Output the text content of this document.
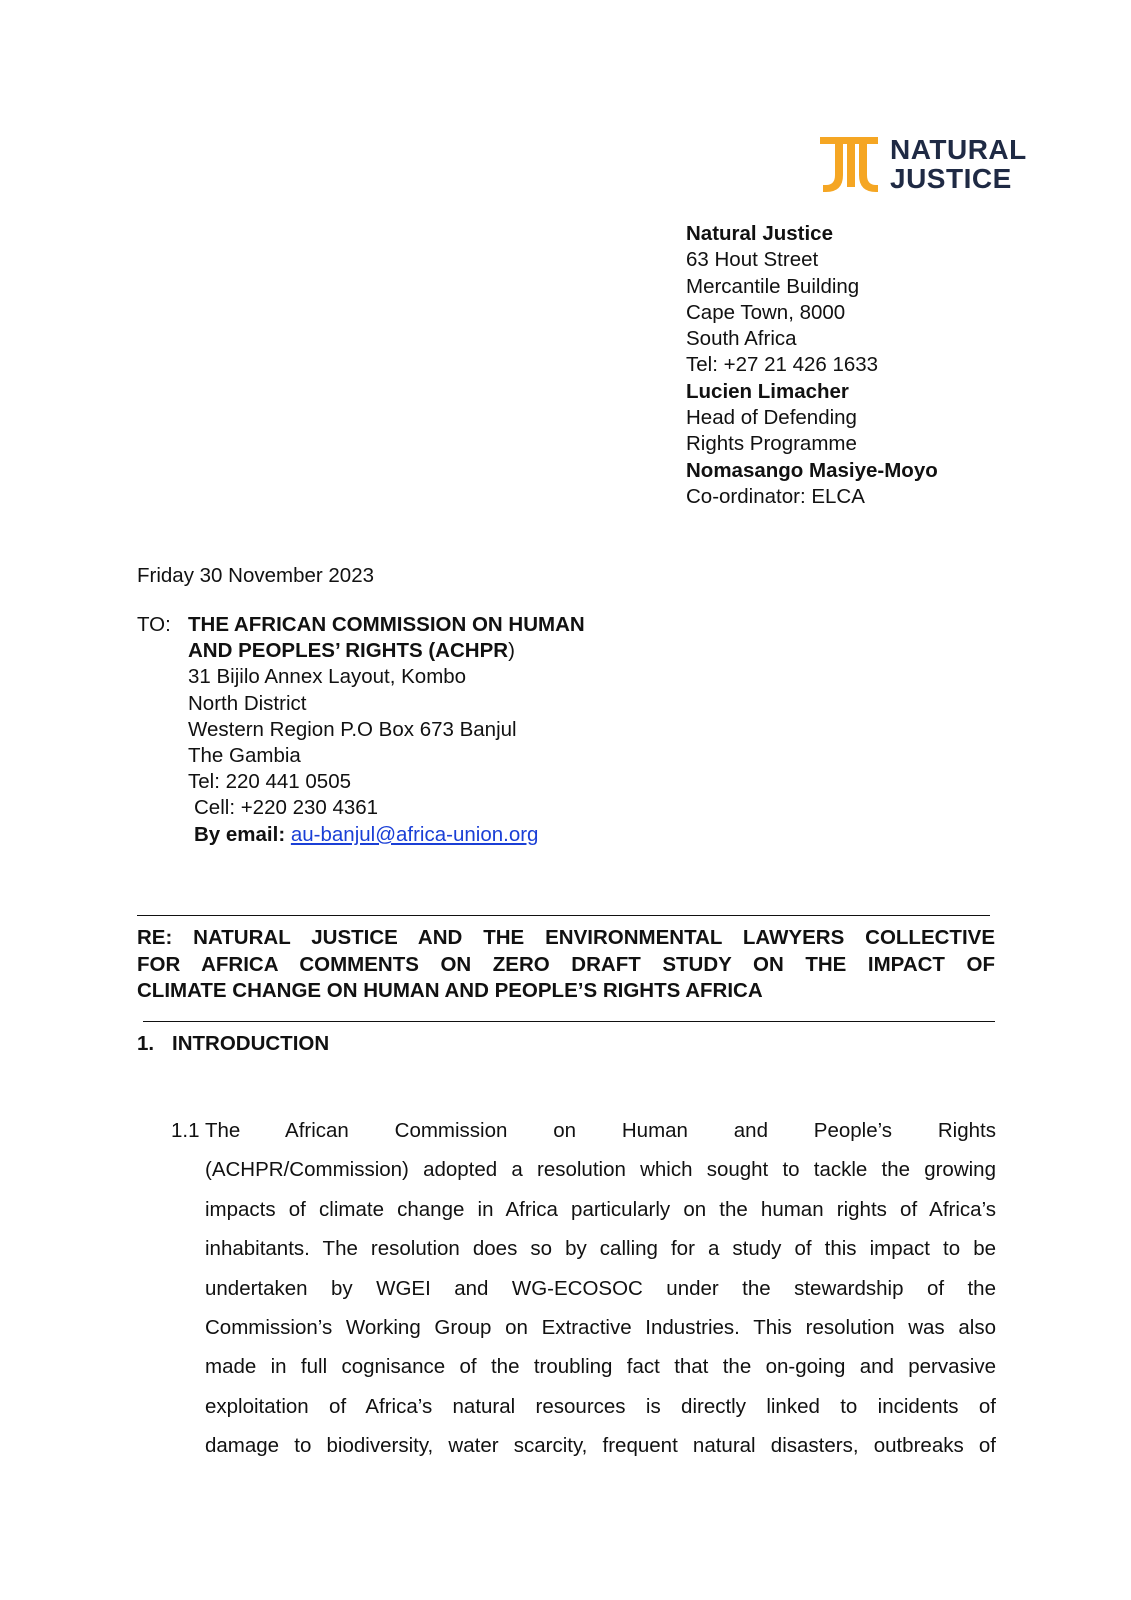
NATURAL
JUSTICE
Natural Justice
63 Hout Street
Mercantile Building
Cape Town, 8000
South Africa
Tel: +27 21 426 1633
Lucien Limacher
Head of Defending
Rights Programme
Nomasango Masiye-Moyo
Co-ordinator: ELCA
Friday 30 November 2023
TO: THE AFRICAN COMMISSION ON HUMAN
AND PEOPLES’ RIGHTS (ACHPR)
31 Bijilo Annex Layout, Kombo
North District
Western Region P.O Box 673 Banjul
The Gambia
Tel: 220 441 0505
Cell: +220 230 4361
By email: au-banjul@africa-union.org
RE: NATURAL JUSTICE AND THE ENVIRONMENTAL LAWYERS COLLECTIVE
FOR AFRICA COMMENTS ON ZERO DRAFT STUDY ON THE IMPACT OF
CLIMATE CHANGE ON HUMAN AND PEOPLE’S RIGHTS AFRICA
1. INTRODUCTION
1.1 The African Commission on Human and People’s Rights
(ACHPR/Commission) adopted a resolution which sought to tackle the growing
impacts of climate change in Africa particularly on the human rights of Africa’s
inhabitants. The resolution does so by calling for a study of this impact to be
undertaken by WGEI and WG-ECOSOC under the stewardship of the
Commission’s Working Group on Extractive Industries. This resolution was also
made in full cognisance of the troubling fact that the on-going and pervasive
exploitation of Africa’s natural resources is directly linked to incidents of
damage to biodiversity, water scarcity, frequent natural disasters, outbreaks of
